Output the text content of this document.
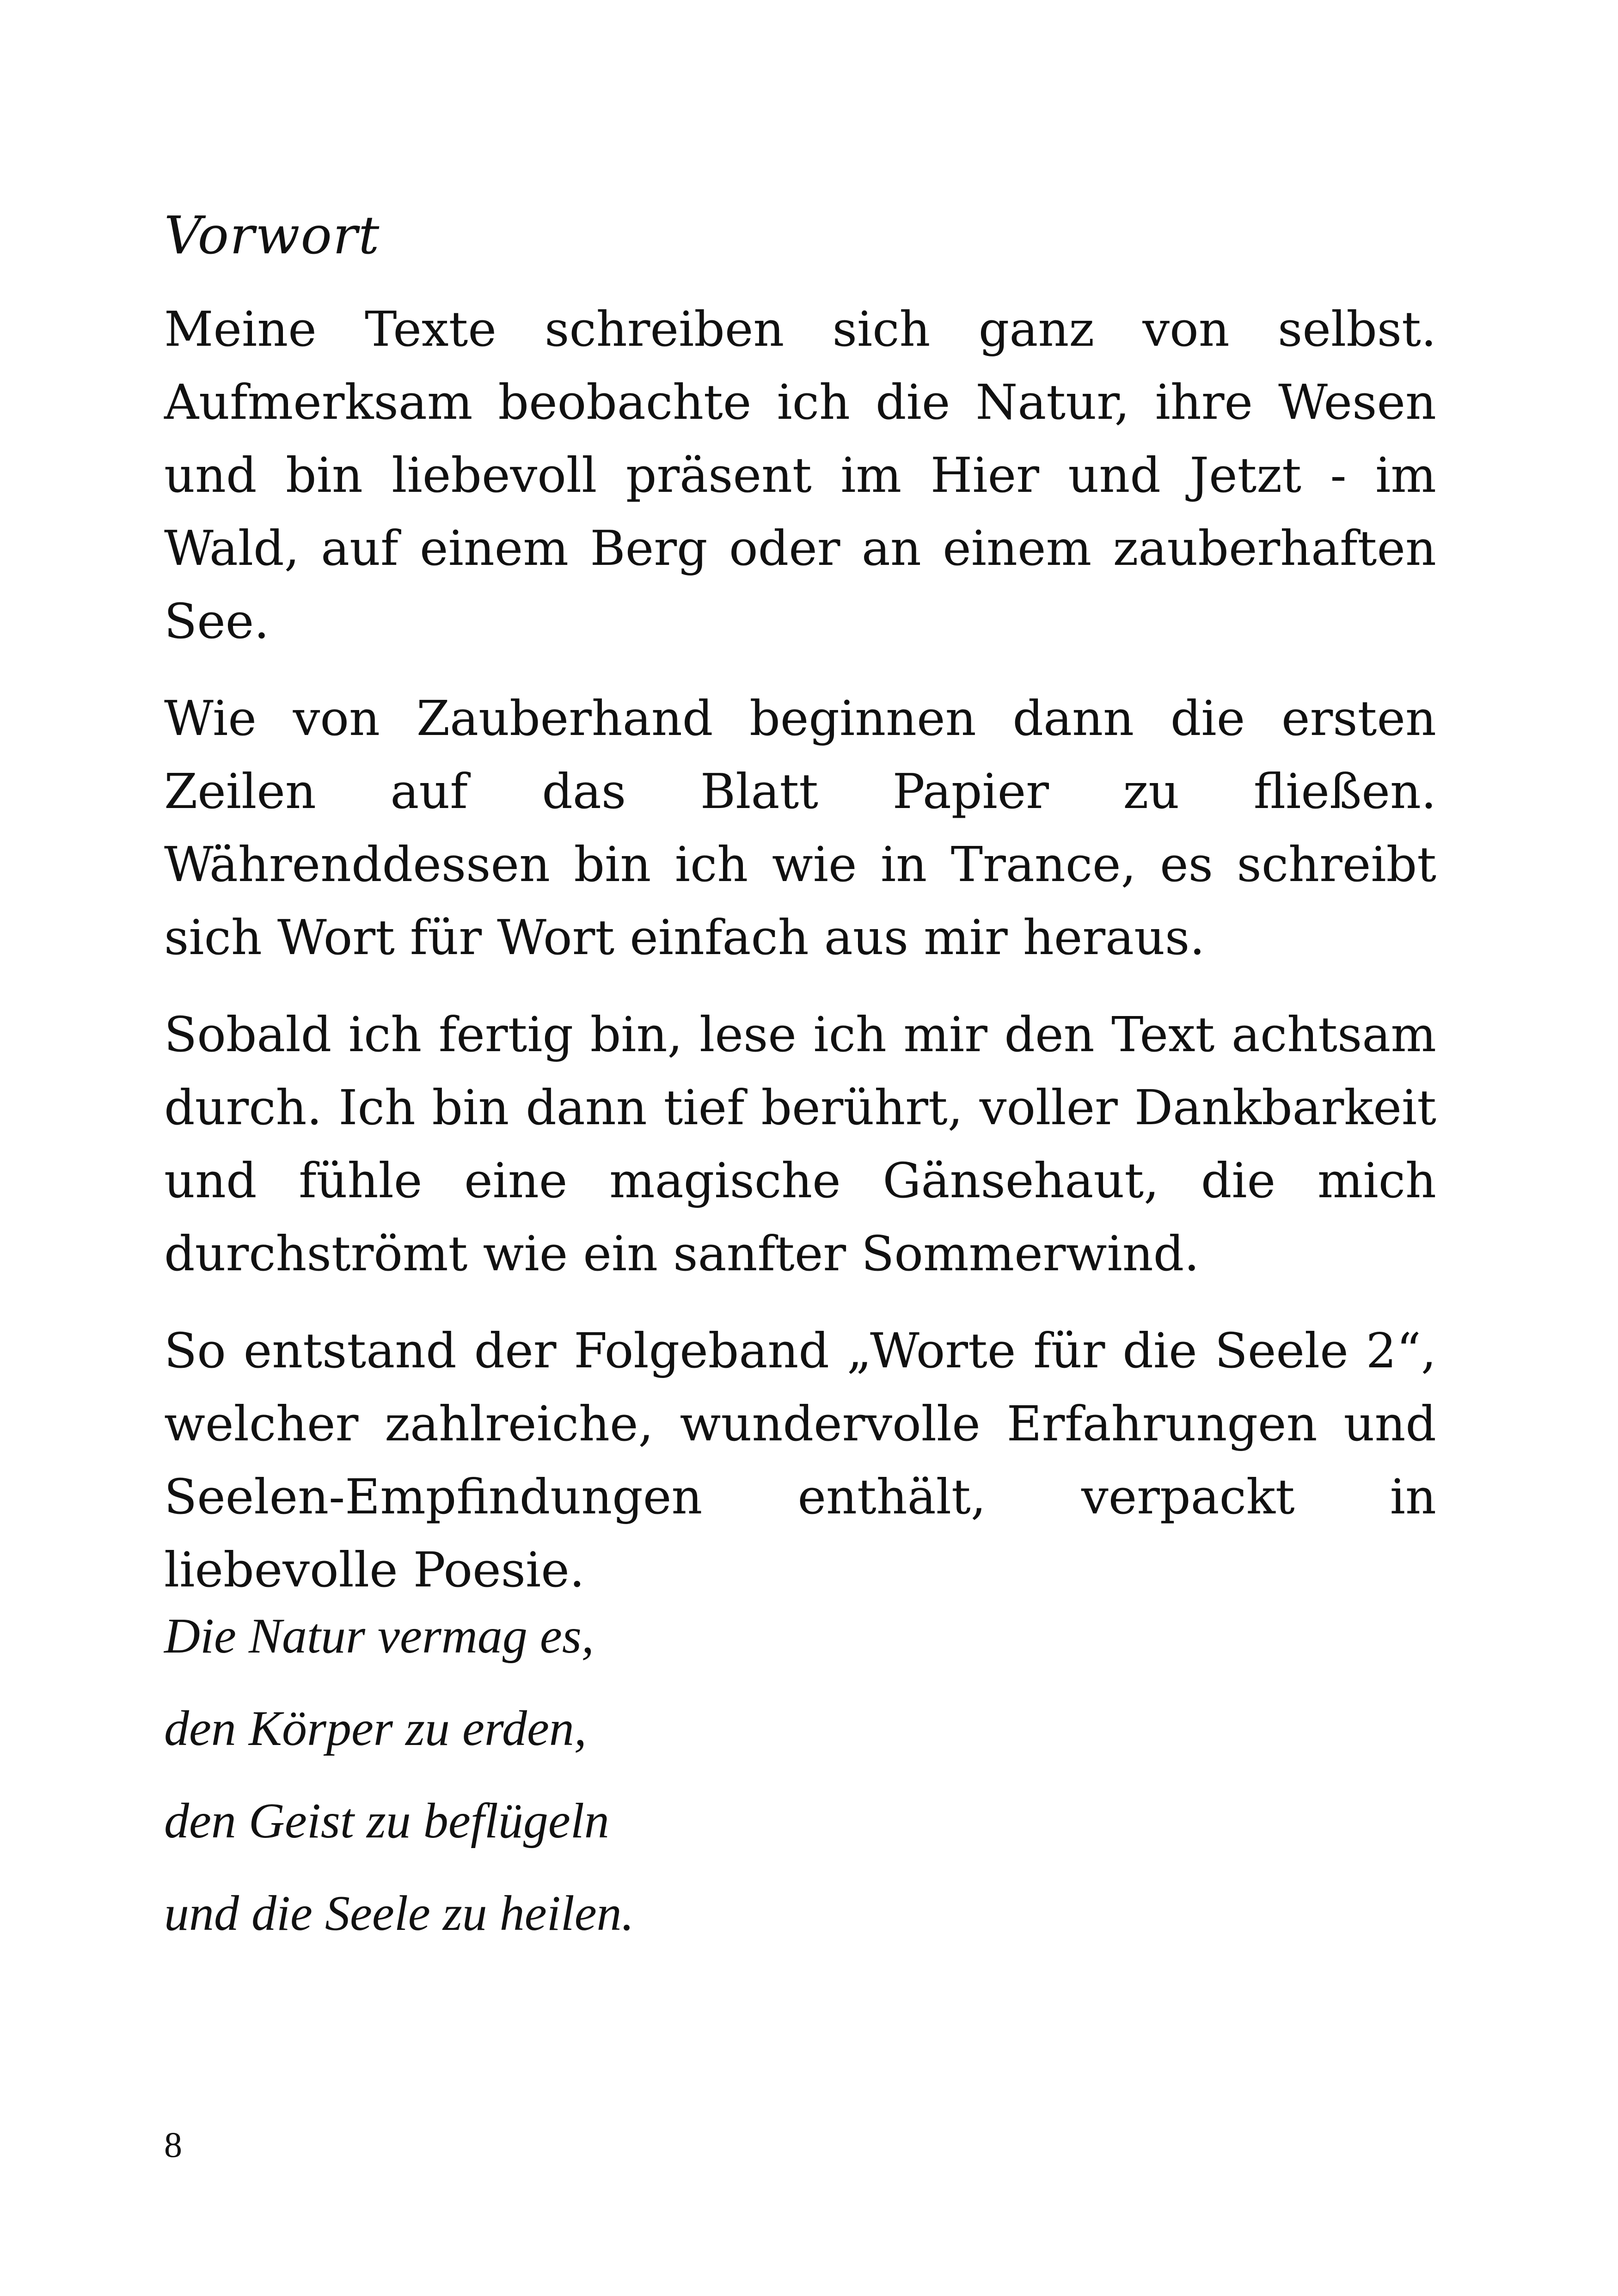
Vorwort

Meine Texte schreiben sich ganz von selbst. Aufmerksam beobachte ich die Natur, ihre Wesen und bin liebevoll präsent im Hier und Jetzt - im Wald, auf einem Berg oder an einem zauberhaften See.

Wie von Zauberhand beginnen dann die ersten Zeilen auf das Blatt Papier zu fließen. Währenddessen bin ich wie in Trance, es schreibt sich Wort für Wort einfach aus mir heraus.

Sobald ich fertig bin, lese ich mir den Text achtsam durch. Ich bin dann tief berührt, voller Dankbarkeit und fühle eine magische Gänsehaut, die mich durchströmt wie ein sanfter Sommerwind.

So entstand der Folgeband „Worte für die Seele 2“, welcher zahlreiche, wundervolle Erfahrungen und Seelen-Empfindungen enthält, verpackt in liebevolle Poesie.

Die Natur vermag es,
den Körper zu erden,
den Geist zu beflügeln
und die Seele zu heilen.
8
